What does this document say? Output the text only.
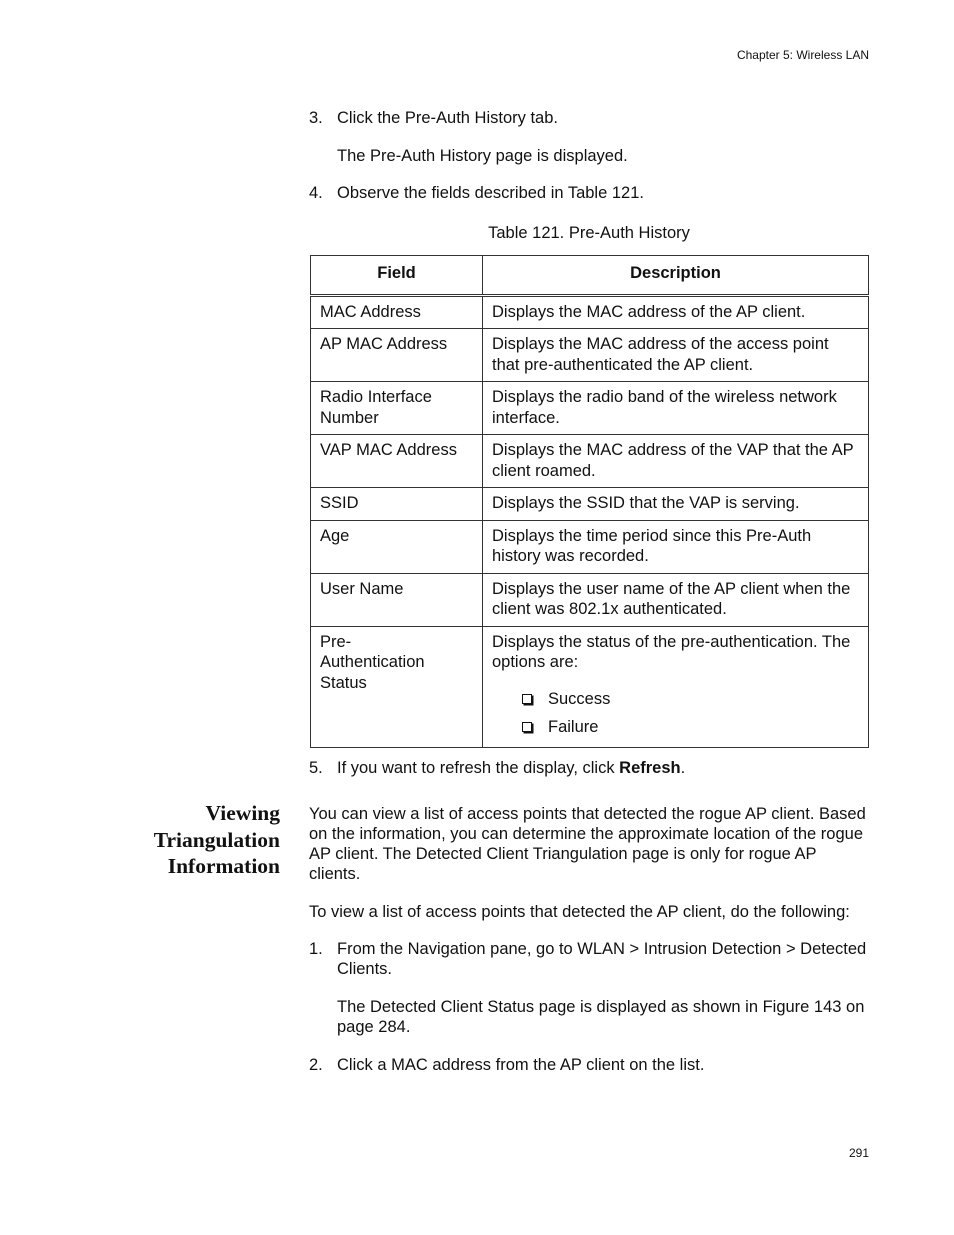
Chapter 5: Wireless LAN
3. Click the Pre-Auth History tab.
The Pre-Auth History page is displayed.
4. Observe the fields described in Table 121.
Table 121. Pre-Auth History
Field	Description
MAC Address	Displays the MAC address of the AP client.
AP MAC Address	Displays the MAC address of the access point that pre-authenticated the AP client.
Radio Interface Number	Displays the radio band of the wireless network interface.
VAP MAC Address	Displays the MAC address of the VAP that the AP client roamed.
SSID	Displays the SSID that the VAP is serving.
Age	Displays the time period since this Pre-Auth history was recorded.
User Name	Displays the user name of the AP client when the client was 802.1x authenticated.
Pre-Authentication Status	Displays the status of the pre-authentication. The options are:
Success
Failure
5. If you want to refresh the display, click Refresh.
Viewing
Triangulation
Information
You can view a list of access points that detected the rogue AP client. Based on the information, you can determine the approximate location of the rogue AP client. The Detected Client Triangulation page is only for rogue AP clients.
To view a list of access points that detected the AP client, do the following:
1. From the Navigation pane, go to WLAN > Intrusion Detection > Detected Clients.
The Detected Client Status page is displayed as shown in Figure 143 on page 284.
2. Click a MAC address from the AP client on the list.
291
